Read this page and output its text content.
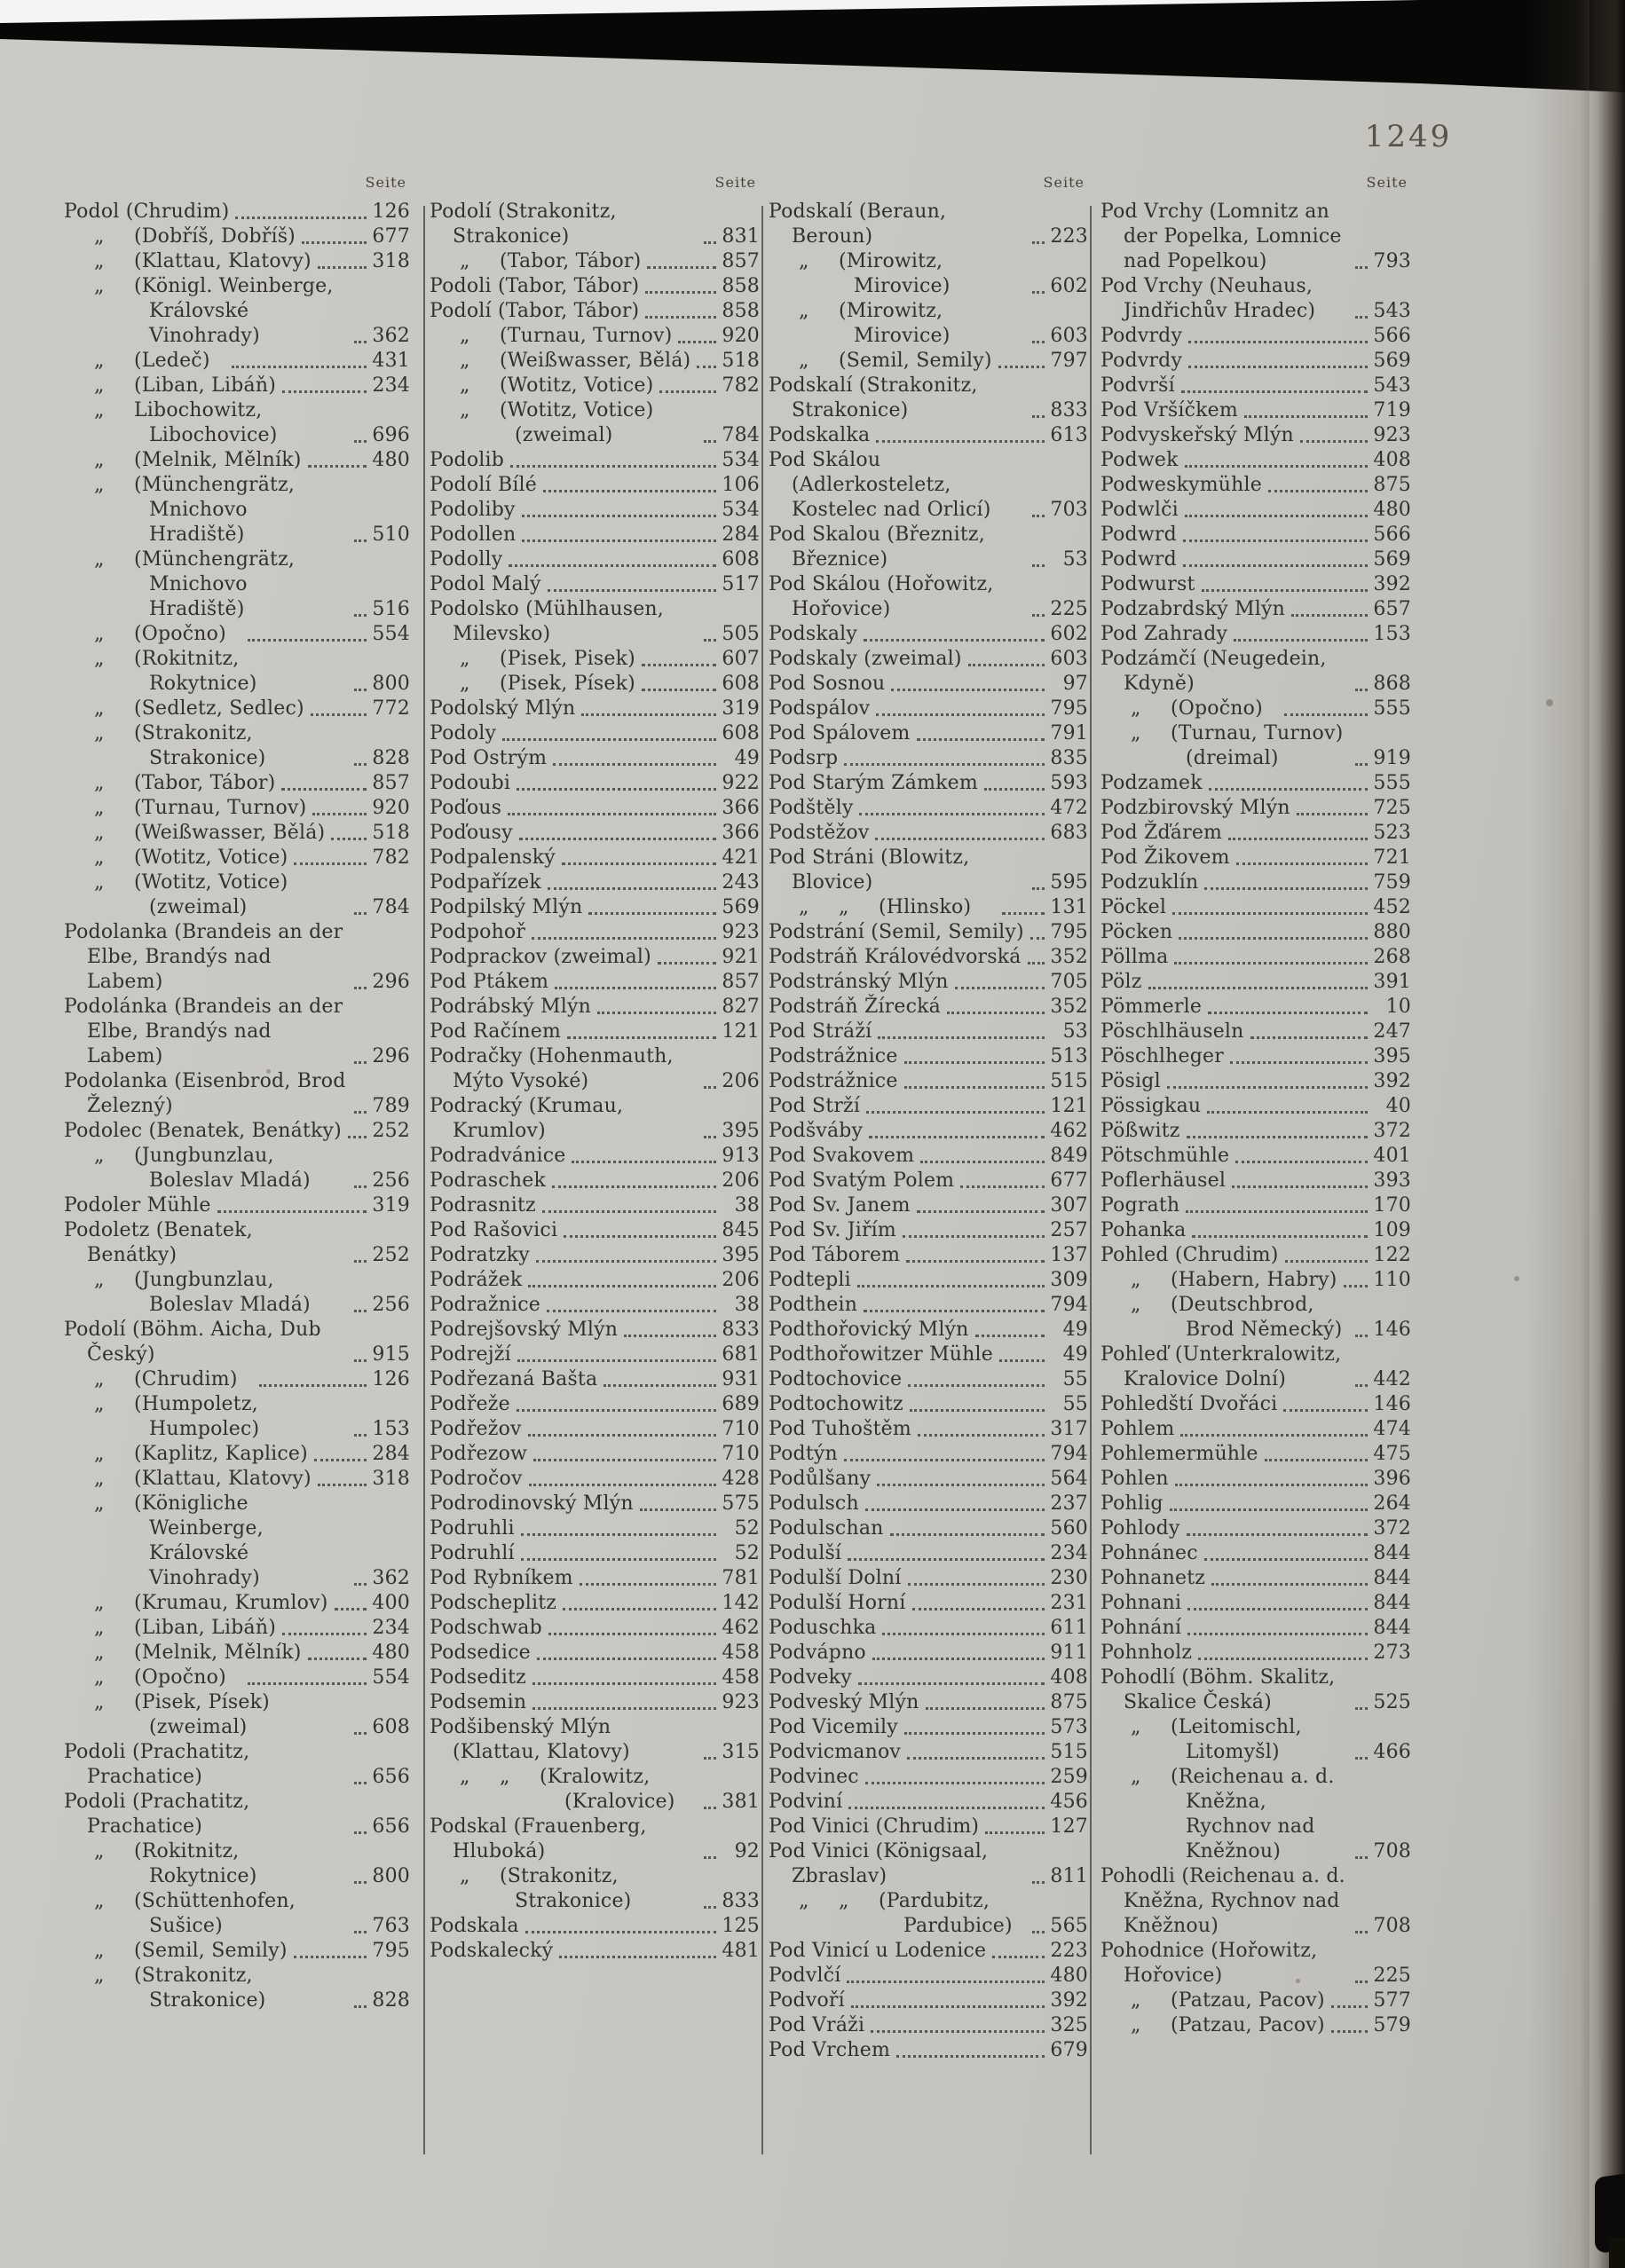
1249
Seite
Podol (Chrudim)	126
„  (Dobříš, Dobříš)	677
„  (Klattau, Klatovy)	318
„  (Königl. Weinberge, Královské Vinohrady)	362
„  (Ledeč)	431
„  (Liban, Libáň)	234
„  Libochowitz, Libochovice)	696
„  (Melnik, Mělník)	480
„  (Münchengrätz, Mnichovo Hradiště)	510
„  (Münchengrätz, Mnichovo Hradiště)	516
„  (Opočno)	554
„  (Rokitnitz, Rokytnice)	800
„  (Sedletz, Sedlec)	772
„  (Strakonitz, Strakonice)	828
„  (Tabor, Tábor)	857
„  (Turnau, Turnov)	920
„  (Weißwasser, Bělá) 518
„  (Wotitz, Votice)	782
„  (Wotitz, Votice) (zweimal)	784
Podolanka (Brandeis an der Elbe, Brandýs nad Labem)	296
Podolánka (Brandeis an der Elbe, Brandýs nad Labem)	296
Podolanka (Eisenbrod, Brod Železný)	789
Podolec (Benatek, Benátky) 252
„  (Jungbunzlau, Boleslav Mladá)	256
Podoler Mühle	319
Podoletz (Benatek, Benátky)	252
„  (Jungbunzlau, Boleslav Mladá)	256
Podolí (Böhm. Aicha, Dub Český)	915
„  (Chrudim)	126
„  (Humpoletz, Humpolec)	153
„  (Kaplitz, Kaplice)	284
„  (Klattau, Klatovy)	318
„  (Königliche Weinberge, Královské Vinohrady)	362
„  (Krumau, Krumlov) 400
„  (Liban, Libáň)	234
„  (Melnik, Mělník)	480
„  (Opočno)	554
„  (Pisek, Písek) (zweimal)	608
Podoli (Prachatitz, Prachatice)	656
Podoli (Prachatitz, Prachatice)	656
„  (Rokitnitz, Rokytnice)	800
„  (Schüttenhofen, Sušice)	763
„  (Semil, Semily)	795
„  (Strakonitz, Strakonice)	828
Seite
Podolí (Strakonitz, Strakonice)	831
„  (Tabor, Tábor)	857
Podoli (Tabor, Tábor)	858
Podolí (Tabor, Tábor)	858
„  (Turnau, Turnov)	920
„  (Weißwasser, Bělá) 518
„  (Wotitz, Votice)	782
„  (Wotitz, Votice) (zweimal)	784
Podolib	534
Podolí Bílé	106
Podoliby	534
Podollen	284
Podolly	608
Podol Malý	517
Podolsko (Mühlhausen, Milevsko)	505
„  (Pisek, Pisek)	607
„  (Pisek, Písek)	608
Podolský Mlýn	319
Podoly	608
Pod Ostrým	49
Podoubi	922
Poďous	366
Poďousy	366
Podpalenský	421
Podpařízek	243
Podpilský Mlýn	569
Podpohoř	923
Podprackov (zweimal)	921
Pod Ptákem	857
Podrábský Mlýn	827
Pod Račínem	121
Podračky (Hohenmauth, Mýto Vysoké)	206
Podracký (Krumau, Krumlov)	395
Podradvánice	913
Podraschek	206
Podrasnitz	38
Pod Rašovici	845
Podratzky	395
Podrážek	206
Podražnice	38
Podrejšovský Mlýn	833
Podrejží	681
Podřezaná Bašta	931
Podřeže	689
Podřežov	710
Podřezow	710
Področov	428
Podrodinovský Mlýn	575
Podruhli	52
Podruhlí	52
Pod Rybníkem	781
Podscheplitz	142
Podschwab	462
Podsedice	458
Podseditz	458
Podsemin	923
Podšibenský Mlýn (Klattau, Klatovy)	315
„  „  (Kralowitz, (Kralovice)	381
Podskal (Frauenberg, Hluboká)	92
„  (Strakonitz, Strakonice)	833
Podskala	125
Podskalecký	481
Seite
Podskalí (Beraun, Beroun)	223
„  (Mirowitz, Mirovice)	602
„  (Mirowitz, Mirovice)	603
„  (Semil, Semily)	797
Podskalí (Strakonitz, Strakonice)	833
Podskalka	613
Pod Skálou (Adlerkosteletz, Kostelec nad Orlicí)	703
Pod Skalou (Březnitz, Březnice)	53
Pod Skálou (Hořowitz, Hořovice)	225
Podskaly	602
Podskaly (zweimal)	603
Pod Sosnou	97
Podspálov	795
Pod Spálovem	791
Podsrp	835
Pod Starým Zámkem	593
Podštěly	472
Podstěžov	683
Pod Stráni (Blowitz, Blovice)	595
„  „  (Hlinsko)	131
Podstrání (Semil, Semily) 795
Podstráň Královédvorská 352
Podstránský Mlýn	705
Podstráň Žírecká	352
Pod Stráží	53
Podstrážnice	513
Podstrážnice	515
Pod Strží	121
Podšváby	462
Pod Svakovem	849
Pod Svatým Polem	677
Pod Sv. Janem	307
Pod Sv. Jiřím	257
Pod Táborem	137
Podtepli	309
Podthein	794
Podthořovický Mlýn	49
Podthořowitzer Mühle	49
Podtochovice	55
Podtochowitz	55
Pod Tuhoštěm	317
Podtýn	794
Podůlšany	564
Podulsch	237
Podulschan	560
Podulší	234
Podulší Dolní	230
Podulší Horní	231
Poduschka	611
Podvápno	911
Podveky	408
Podveský Mlýn	875
Pod Vicemily	573
Podvicmanov	515
Podvinec	259
Podviní	456
Pod Vinici (Chrudim)	127
Pod Vinici (Königsaal, Zbraslav)	811
„  „  (Pardubitz, Pardubice)	565
Pod Vinicí u Lodenice	223
Podvlčí	480
Podvoří	392
Pod Vráži	325
Pod Vrchem	679
Seite
Pod Vrchy (Lomnitz an der Popelka, Lomnice nad Popelkou)	793
Pod Vrchy (Neuhaus, Jindřichův Hradec)	543
Podvrdy	566
Podvrdy	569
Podvrší	543
Pod Vršíčkem	719
Podvyskeřský Mlýn	923
Podwek	408
Podweskymühle	875
Podwlči	480
Podwrd	566
Podwrd	569
Podwurst	392
Podzabrdský Mlýn	657
Pod Zahrady	153
Podzámčí (Neugedein, Kdyně)	868
„  (Opočno)	555
„  (Turnau, Turnov) (dreimal)	919
Podzamek	555
Podzbirovský Mlýn	725
Pod Žďárem	523
Pod Žikovem	721
Podzuklín	759
Pöckel	452
Pöcken	880
Pöllma	268
Pölz	391
Pömmerle	10
Pöschlhäuseln	247
Pöschlheger	395
Pösigl	392
Pössigkau	40
Pößwitz	372
Pötschmühle	401
Poflerhäusel	393
Pograth	170
Pohanka	109
Pohled (Chrudim)	122
„  (Habern, Habry) 110
„  (Deutschbrod, Brod Německý)	146
Pohleď (Unterkralowitz, Kralovice Dolní)	442
Pohledští Dvořáci	146
Pohlem	474
Pohlemermühle	475
Pohlen	396
Pohlig	264
Pohlody	372
Pohnánec	844
Pohnanetz	844
Pohnani	844
Pohnání	844
Pohnholz	273
Pohodlí (Böhm. Skalitz, Skalice Česká)	525
„  (Leitomischl, Litomyšl)	466
„  (Reichenau a. d. Kněžna, Rychnov nad Kněžnou)	708
Pohodli (Reichenau a. d. Kněžna, Rychnov nad Kněžnou)	708
Pohodnice (Hořowitz, Hořovice)	225
„  (Patzau, Pacov) 577
„  (Patzau, Pacov) 579
